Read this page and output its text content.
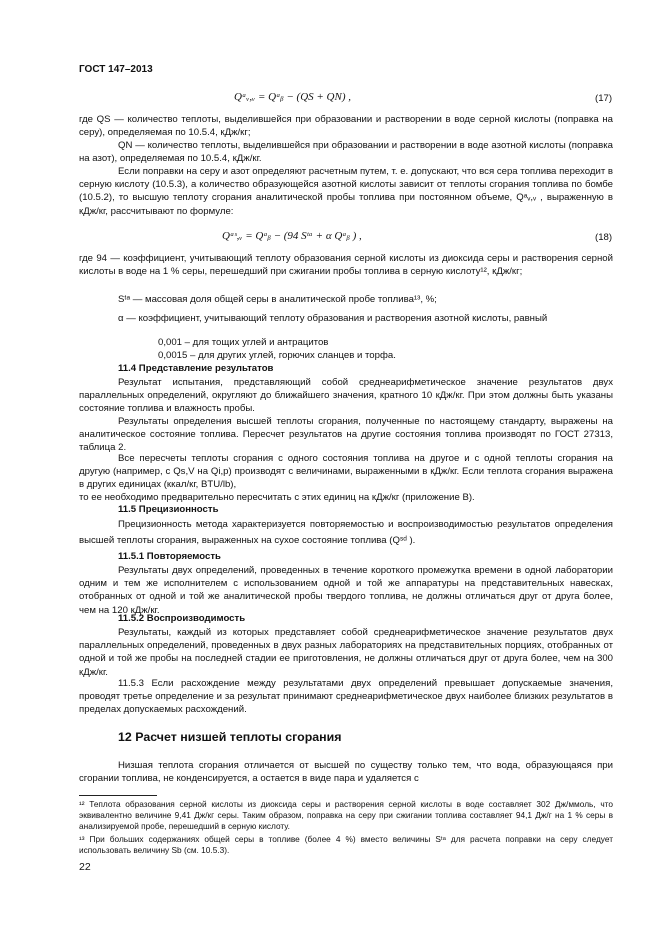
ГОСТ 147–2013
Qᵃᵥ,ᵥ = Qᵃᵦ − (QS + QN) ,	(17)

где QS — количество теплоты, выделившейся при образовании и растворении в воде серной кислоты (поправка на серу), определяемая по 10.5.4, кДж/кг;

QN — количество теплоты, выделившейся при образовании и растворении в воде азотной кислоты (поправка на азот), определяемая по 10.5.4, кДж/кг.

Если поправки на серу и азот определяют расчетным путем, т. е. допускают, что вся сера топлива переходит в серную кислоту (10.5.3), а количество образующейся азотной кислоты зависит от теплоты сгорания топлива по бомбе (10.5.2), то высшую теплоту сгорания аналитической пробы топлива при постоянном объеме, Qᵃᵥ,ᵥ , выраженную в кДж/кг, рассчитывают по формуле:

Qᵃˢ,ᵥ = Qᵃᵦ − (94 Sᵗᵃ + α Qᵃᵦ ) ,	(18)

где 94 — коэффициент, учитывающий теплоту образования серной кислоты из диоксида серы и растворения серной кислоты в воде на 1 % серы, перешедший при сжигании пробы топлива в серную кислоту¹², кДж/кг;

Sᵗᵃ — массовая доля общей серы в аналитической пробе топлива¹³, %;

α — коэффициент, учитывающий теплоту образования и растворения азотной кислоты, равный

0,001 – для тощих углей и антрацитов
0,0015 – для других углей, горючих сланцев и торфа.
11.4 Представление результатов

Результат испытания, представляющий собой среднеарифметическое значение результатов двух параллельных определений, округляют до ближайшего значения, кратного 10 кДж/кг. При этом должны быть указаны состояние топлива и влажность пробы.

Результаты определения высшей теплоты сгорания, полученные по настоящему стандарту, выражены на аналитическое состояние топлива. Пересчет результатов на другие состояния топлива производят по ГОСТ 27313, таблица 2.

Все пересчеты теплоты сгорания с одного состояния топлива на другое и с одной теплоты сгорания на другую (например, с Qs,V на Qi,p) производят с величинами, выраженными в кДж/кг. Если теплота сгорания выражена в других единицах (ккал/кг, BTU/lb),

то ее необходимо предварительно пересчитать с этих единиц на кДж/кг (приложение В).

11.5 Прецизионность

Прецизионность метода характеризуется повторяемостью и воспроизводимостью результатов определения высшей теплоты сгорания, выраженных на сухое состояние топлива (Qˢᵈ ).

11.5.1 Повторяемость

Результаты двух определений, проведенных в течение короткого промежутка времени в одной лаборатории одним и тем же исполнителем с использованием одной и той же аппаратуры на представительных навесках, отобранных от одной и той же аналитической пробы твердого топлива, не должны отличаться друг от друга более, чем на 120 кДж/кг.

11.5.2 Воспроизводимость

Результаты, каждый из которых представляет собой среднеарифметическое значение результатов двух параллельных определений, проведенных в двух разных лабораториях на представительных порциях, отобранных от одной и той же пробы на последней стадии ее приготовления, не должны отличаться друг от друга более, чем на 300 кДж/кг.

11.5.3 Если расхождение между результатами двух определений превышает допускаемые значения, проводят третье определение и за результат принимают среднеарифметическое двух наиболее близких результатов в пределах допускаемых расхождений.

12 Расчет низшей теплоты сгорания

Низшая теплота сгорания отличается от высшей по существу только тем, что вода, образующаяся при сгорании топлива, не конденсируется, а остается в виде пара и удаляется с

¹² Теплота образования серной кислоты из диоксида серы и растворения серной кислоты в воде составляет 302 Дж/ммоль, что эквивалентно величине 9,41 Дж/кг серы. Таким образом, поправка на серу при сжигании топлива составляет 94,1 Дж/г на 1 % серы в анализируемой пробе, перешедший в серную кислоту.

¹³ При больших содержаниях общей серы в топливе (более 4 %) вместо величины Sᵗᵃ для расчета поправки на серу следует использовать величину Sb (см. 10.5.3).

22
